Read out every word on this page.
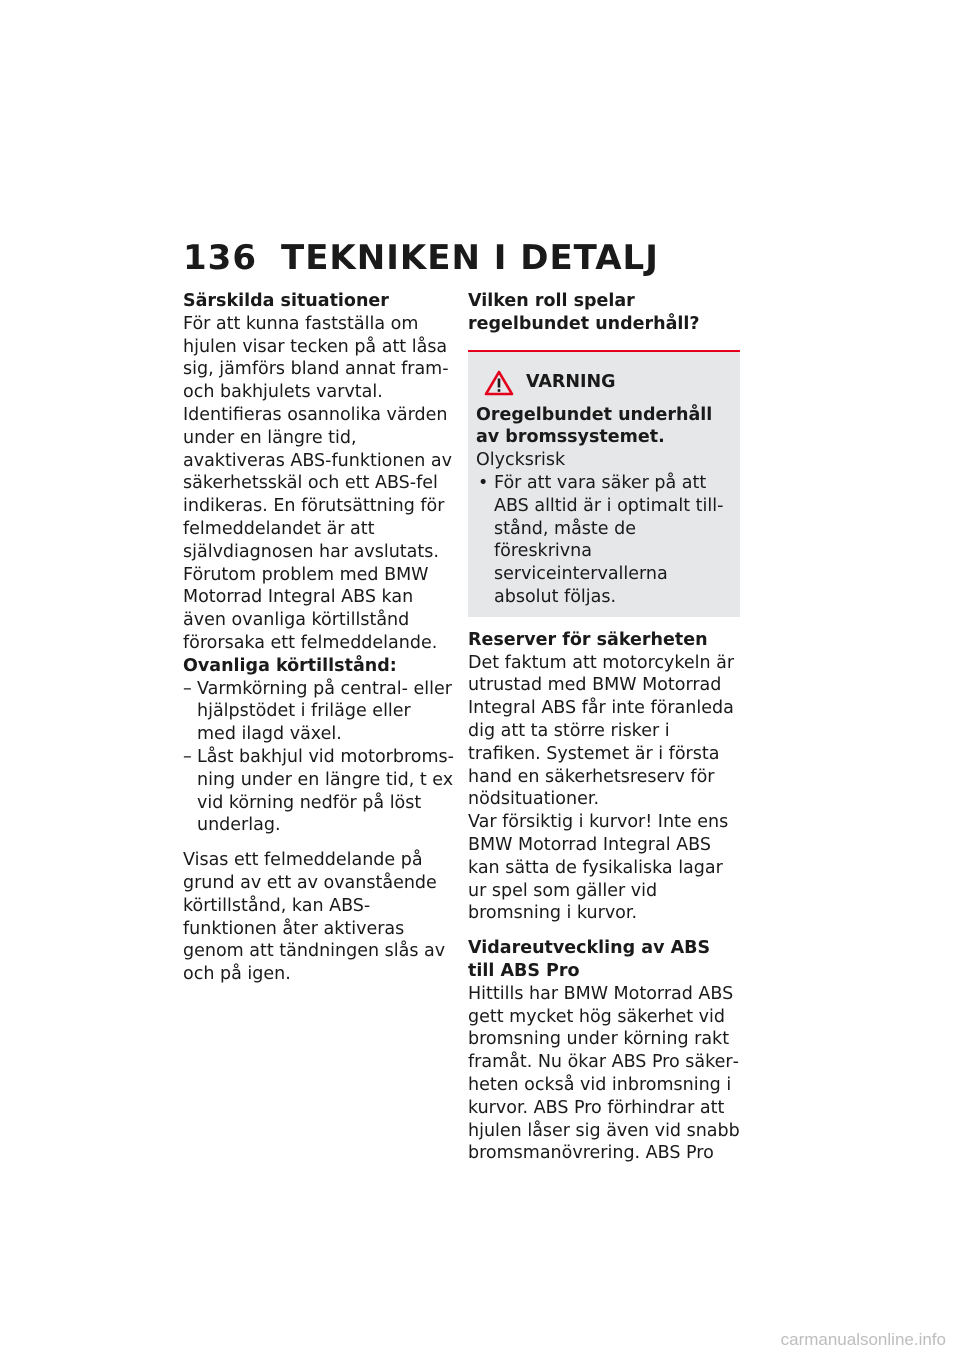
136 TEKNIKEN I DETALJ
Särskilda situationer

För att kunna fastställa om hjulen visar tecken på att låsa sig, jämförs bland annat fram- och bakhjulets varvtal. Identifieras osannolika värden under en längre tid, avaktiveras ABS-funktionen av säkerhetsskäl och ett ABS-fel indikeras. En förutsättning för felmeddelandet är att självdiagnosen har avslutats.

Förutom problem med BMW Motorrad Integral ABS kan även ovanliga körtillstånd förorsaka ett felmeddelande.

Ovanliga körtillstånd:
– Varmkörning på central- eller hjälpstödet i friläge eller med ilagd växel.
– Låst bakhjul vid motorbromsning under en längre tid, t ex vid körning nedför på löst underlag.

Visas ett felmeddelande på grund av ett av ovanstående körtillstånd, kan ABS-funktionen åter aktiveras genom att tändningen slås av och på igen.

Vilken roll spelar regelbundet underhåll?
VARNING
Oregelbundet underhåll av bromssystemet.

Olycksrisk

• För att vara säker på att ABS alltid är i optimalt tillstånd, måste de föreskrivna serviceintervallerna absolut följas.
Reserver för säkerheten

Det faktum att motorcykeln är utrustad med BMW Motorrad Integral ABS får inte föranleda dig att ta större risker i trafiken. Systemet är i första hand en säkerhetsreserv för nödsituationer.

Var försiktig i kurvor! Inte ens BMW Motorrad Integral ABS kan sätta de fysikaliska lagar ur spel som gäller vid bromsning i kurvor.

Vidareutveckling av ABS till ABS Pro

Hittills har BMW Motorrad ABS gett mycket hög säkerhet vid bromsning under körning rakt framåt. Nu ökar ABS Pro säkerheten också vid inbromsning i kurvor. ABS Pro förhindrar att hjulen låser sig även vid snabb bromsmanövrering. ABS Pro

carmanualsonline.info
